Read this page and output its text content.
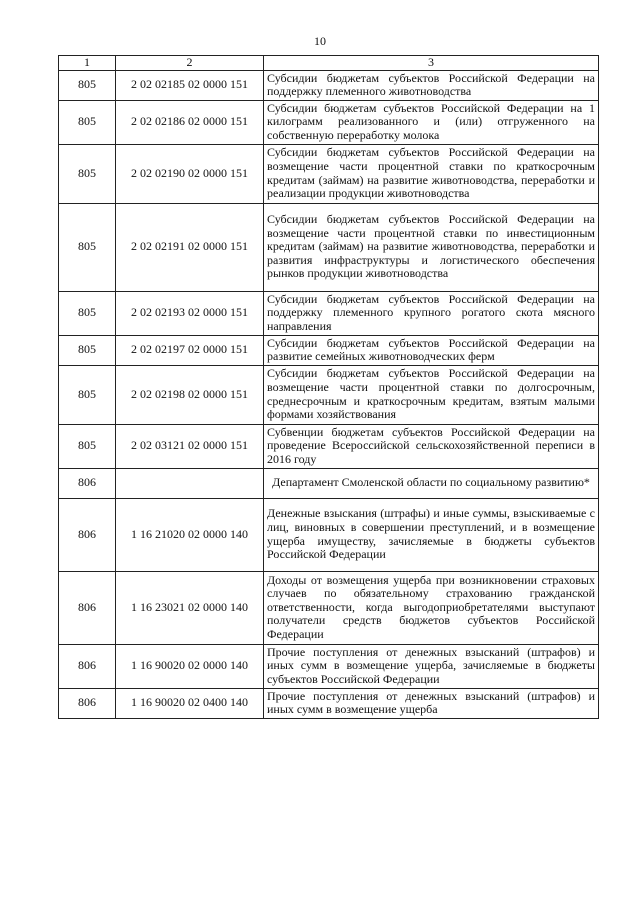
10
1	2	3
805	2 02 02185 02 0000 151	Субсидии бюджетам субъектов Российской Федерации на поддержку племенного животноводства
805	2 02 02186 02 0000 151	Субсидии бюджетам субъектов Российской Федерации на 1 килограмм реализованного и (или) отгруженного на собственную переработку молока
805	2 02 02190 02 0000 151	Субсидии бюджетам субъектов Российской Федерации на возмещение части процентной ставки по краткосрочным кредитам (займам) на развитие животноводства, переработки и реализации продукции животноводства
805	2 02 02191 02 0000 151	Субсидии бюджетам субъектов Российской Федерации на возмещение части процентной ставки по инвестиционным кредитам (займам) на развитие животноводства, переработки и развития инфраструктуры и логистического обеспечения рынков продукции животноводства
805	2 02 02193 02 0000 151	Субсидии бюджетам субъектов Российской Федерации на поддержку племенного крупного рогатого скота мясного направления
805	2 02 02197 02 0000 151	Субсидии бюджетам субъектов Российской Федерации на развитие семейных животноводческих ферм
805	2 02 02198 02 0000 151	Субсидии бюджетам субъектов Российской Федерации на возмещение части процентной ставки по долгосрочным, среднесрочным и краткосрочным кредитам, взятым малыми формами хозяйствования
805	2 02 03121 02 0000 151	Субвенции бюджетам субъектов Российской Федерации на проведение Всероссийской сельскохозяйственной переписи в 2016 году
806		Департамент Смоленской области по социальному развитию*
806	1 16 21020 02 0000 140	Денежные взыскания (штрафы) и иные суммы, взыскиваемые с лиц, виновных в совершении преступлений, и в возмещение ущерба имуществу, зачисляемые в бюджеты субъектов Российской Федерации
806	1 16 23021 02 0000 140	Доходы от возмещения ущерба при возникновении страховых случаев по обязательному страхованию гражданской ответственности, когда выгодоприобретателями выступают получатели средств бюджетов субъектов Российской Федерации
806	1 16 90020 02 0000 140	Прочие поступления от денежных взысканий (штрафов) и иных сумм в возмещение ущерба, зачисляемые в бюджеты субъектов Российской Федерации
806	1 16 90020 02 0400 140	Прочие поступления от денежных взысканий (штрафов) и иных сумм в возмещение ущерба
